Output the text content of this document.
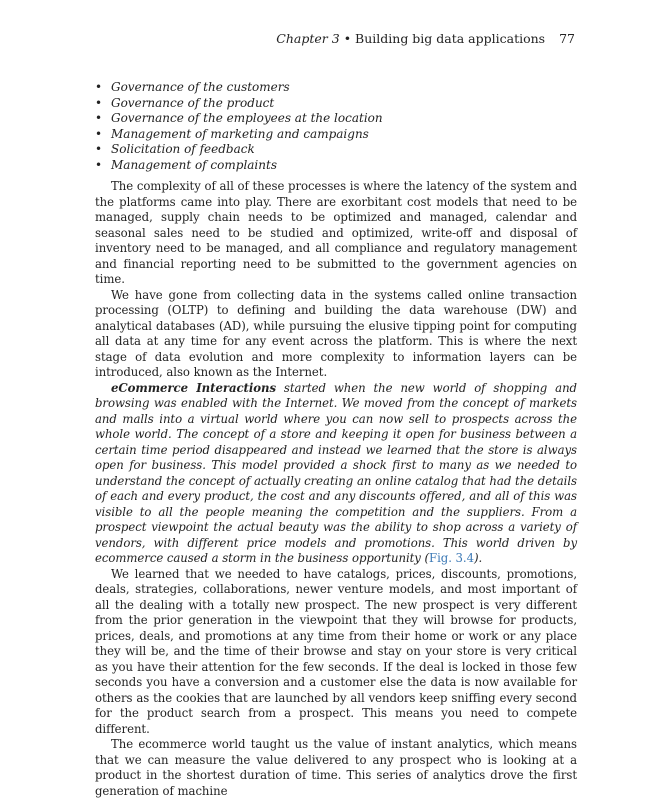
Chapter 3 • Building big data applications 77
• Governance of the customers
• Governance of the product
• Governance of the employees at the location
• Management of marketing and campaigns
• Solicitation of feedback
• Management of complaints

The complexity of all of these processes is where the latency of the system and the platforms came into play. There are exorbitant cost models that need to be managed, supply chain needs to be optimized and managed, calendar and seasonal sales need to be studied and optimized, write-off and disposal of inventory need to be managed, and all compliance and regulatory management and financial reporting need to be submitted to the government agencies on time.

We have gone from collecting data in the systems called online transaction processing (OLTP) to defining and building the data warehouse (DW) and analytical databases (AD), while pursuing the elusive tipping point for computing all data at any time for any event across the platform. This is where the next stage of data evolution and more complexity to information layers can be introduced, also known as the Internet.

eCommerce Interactions started when the new world of shopping and browsing was enabled with the Internet. We moved from the concept of markets and malls into a virtual world where you can now sell to prospects across the whole world. The concept of a store and keeping it open for business between a certain time period disappeared and instead we learned that the store is always open for business. This model provided a shock first to many as we needed to understand the concept of actually creating an online catalog that had the details of each and every product, the cost and any discounts offered, and all of this was visible to all the people meaning the competition and the suppliers. From a prospect viewpoint the actual beauty was the ability to shop across a variety of vendors, with different price models and promotions. This world driven by ecommerce caused a storm in the business opportunity (Fig. 3.4).

We learned that we needed to have catalogs, prices, discounts, promotions, deals, strategies, collaborations, newer venture models, and most important of all the dealing with a totally new prospect. The new prospect is very different from the prior generation in the viewpoint that they will browse for products, prices, deals, and promotions at any time from their home or work or any place they will be, and the time of their browse and stay on your store is very critical as you have their attention for the few seconds. If the deal is locked in those few seconds you have a conversion and a customer else the data is now available for others as the cookies that are launched by all vendors keep sniffing every second for the product search from a prospect. This means you need to compete different.

The ecommerce world taught us the value of instant analytics, which means that we can measure the value delivered to any prospect who is looking at a product in the shortest duration of time. This series of analytics drove the first generation of machine
